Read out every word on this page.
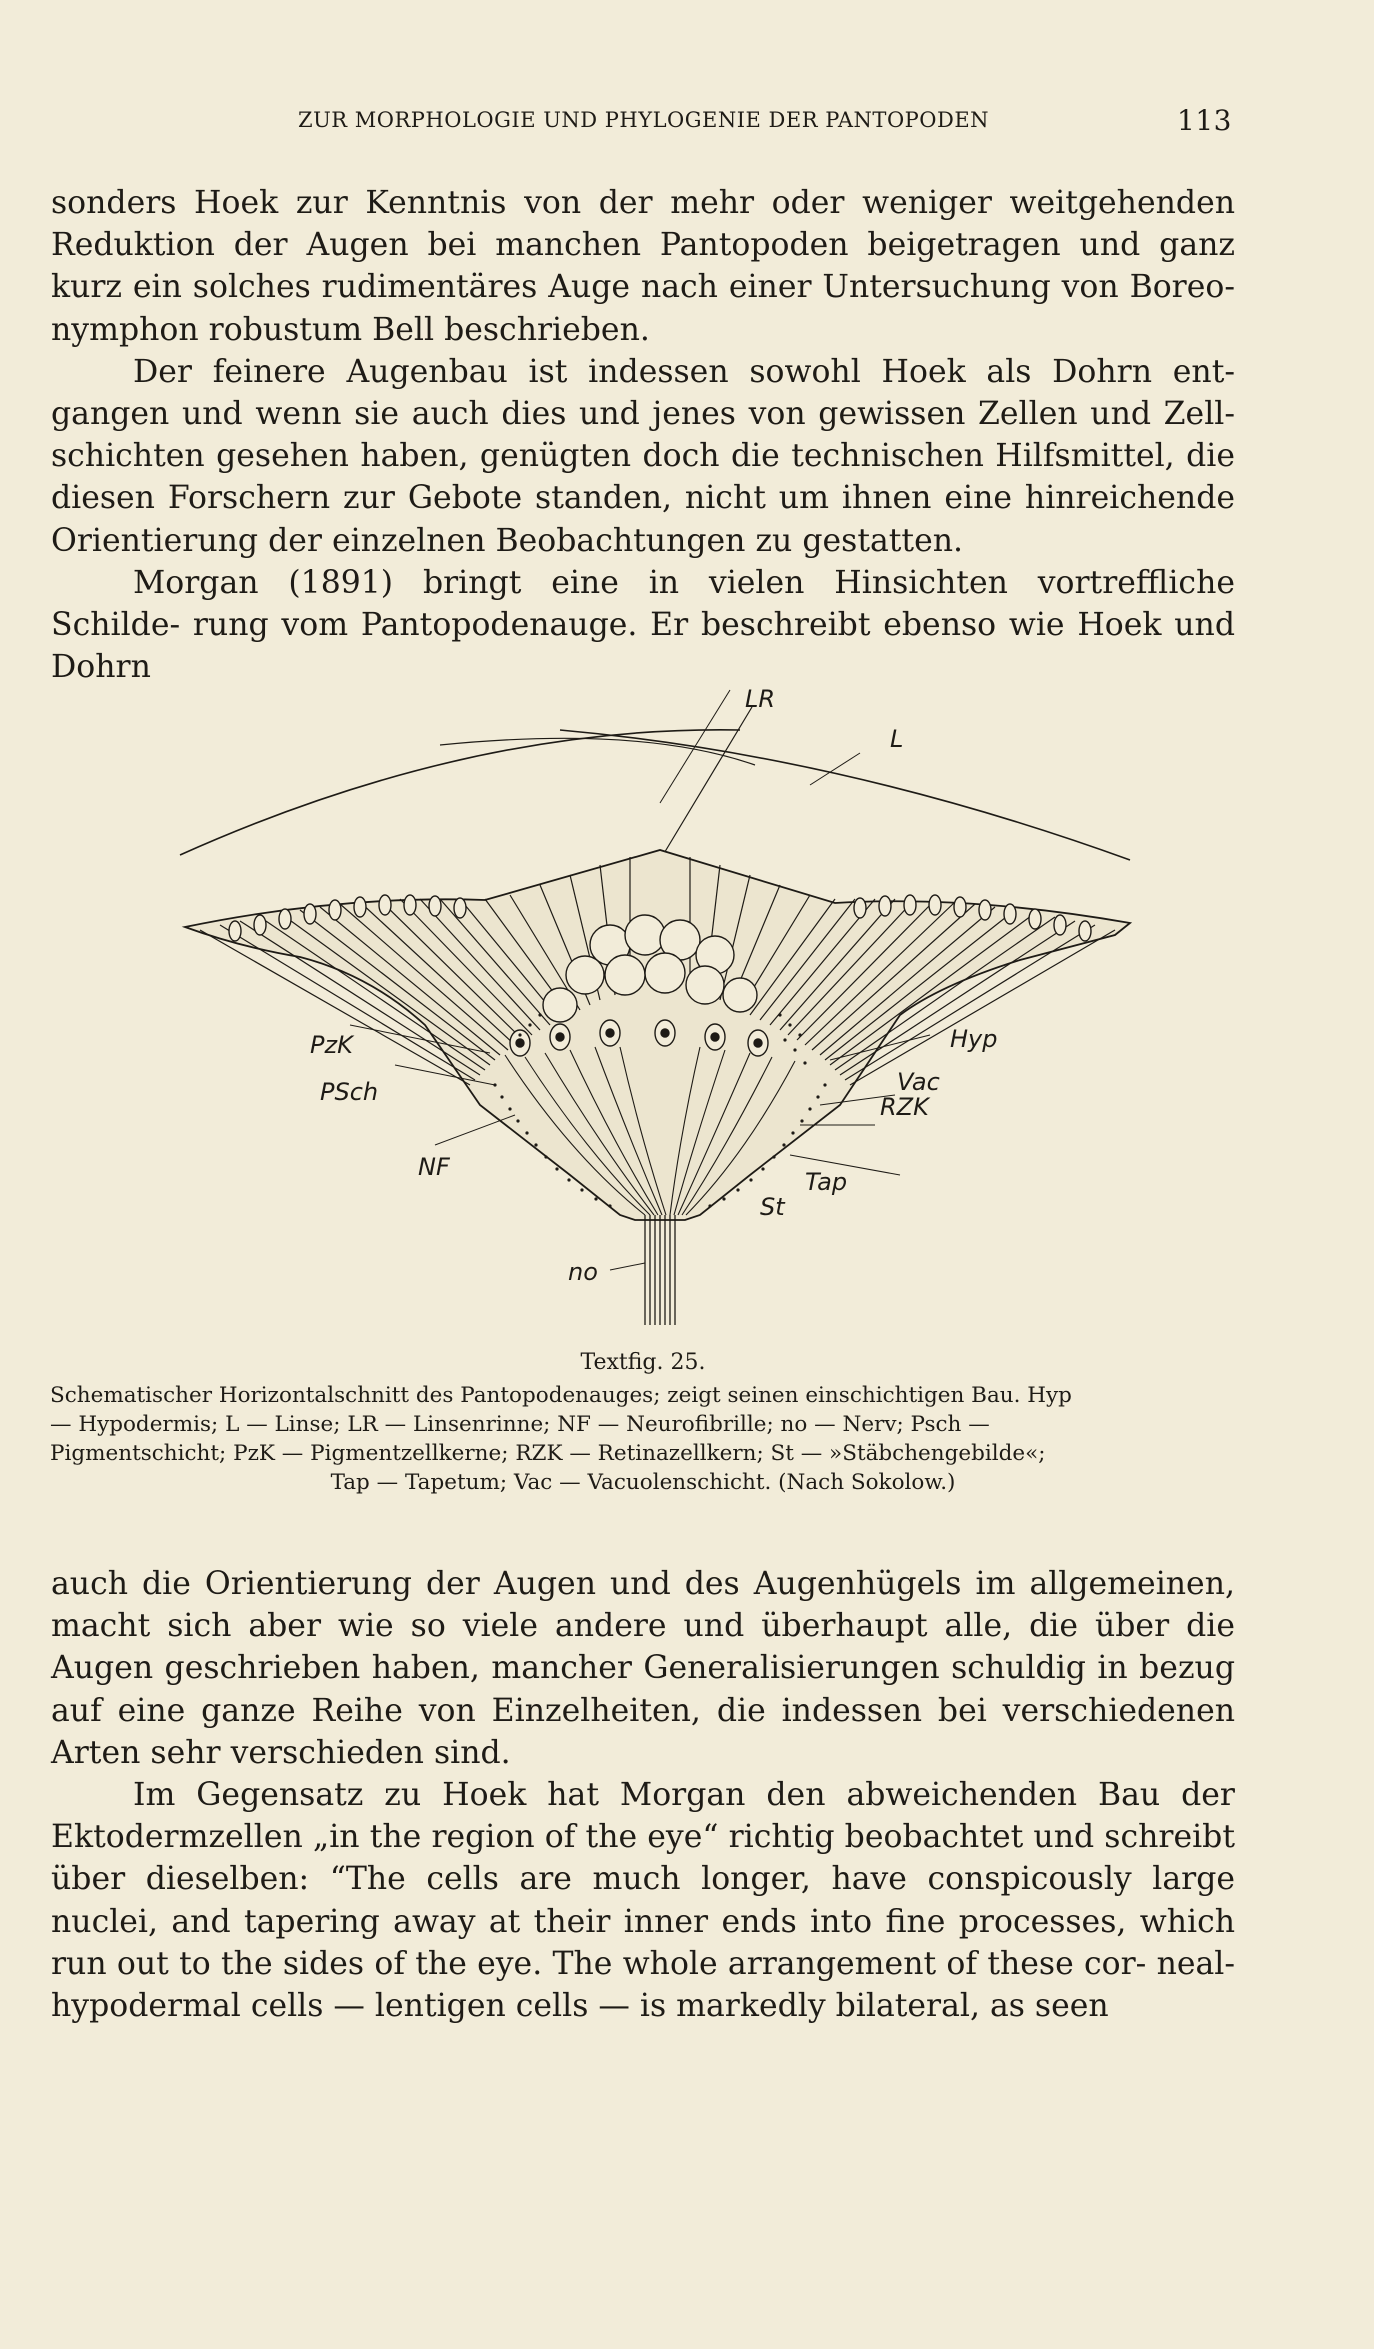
ZUR MORPHOLOGIE UND PHYLOGENIE DER PANTOPODEN	113

sonders Hoek zur Kenntnis von der mehr oder weniger weitgehenden Reduktion der Augen bei manchen Pantopoden beigetragen und ganz kurz ein solches rudimentäres Auge nach einer Untersuchung von Boreo- nymphon robustum Bell beschrieben.

Der feinere Augenbau ist indessen sowohl Hoek als Dohrn ent- gangen und wenn sie auch dies und jenes von gewissen Zellen und Zell- schichten gesehen haben, genügten doch die technischen Hilfsmittel, die diesen Forschern zur Gebote standen, nicht um ihnen eine hinreichende Orientierung der einzelnen Beobachtungen zu gestatten.

Morgan (1891) bringt eine in vielen Hinsichten vortreffliche Schilde- rung vom Pantopodenauge. Er beschreibt ebenso wie Hoek und Dohrn

LR
L
PzK
PSch
NF
Hyp
Vac
RZK
St
Tap
no
Textfig. 25.
Schematischer Horizontalschnitt des Pantopodenauges; zeigt seinen einschichtigen Bau. Hyp
— Hypodermis; L — Linse; LR — Linsenrinne; NF — Neurofibrille; no — Nerv; Psch —
Pigmentschicht; PzK — Pigmentzellkerne; RZK — Retinazellkern; St — »Stäbchengebilde«;
Tap — Tapetum; Vac — Vacuolenschicht. (Nach Sokolow.)

auch die Orientierung der Augen und des Augenhügels im allgemeinen, macht sich aber wie so viele andere und überhaupt alle, die über die Augen geschrieben haben, mancher Generalisierungen schuldig in bezug auf eine ganze Reihe von Einzelheiten, die indessen bei verschiedenen Arten sehr verschieden sind.

Im Gegensatz zu Hoek hat Morgan den abweichenden Bau der Ektodermzellen „in the region of the eye“ richtig beobachtet und schreibt über dieselben: “The cells are much longer, have conspicously large nuclei, and tapering away at their inner ends into fine processes, which run out to the sides of the eye. The whole arrangement of these cor- neal-hypodermal cells — lentigen cells — is markedly bilateral, as seen
